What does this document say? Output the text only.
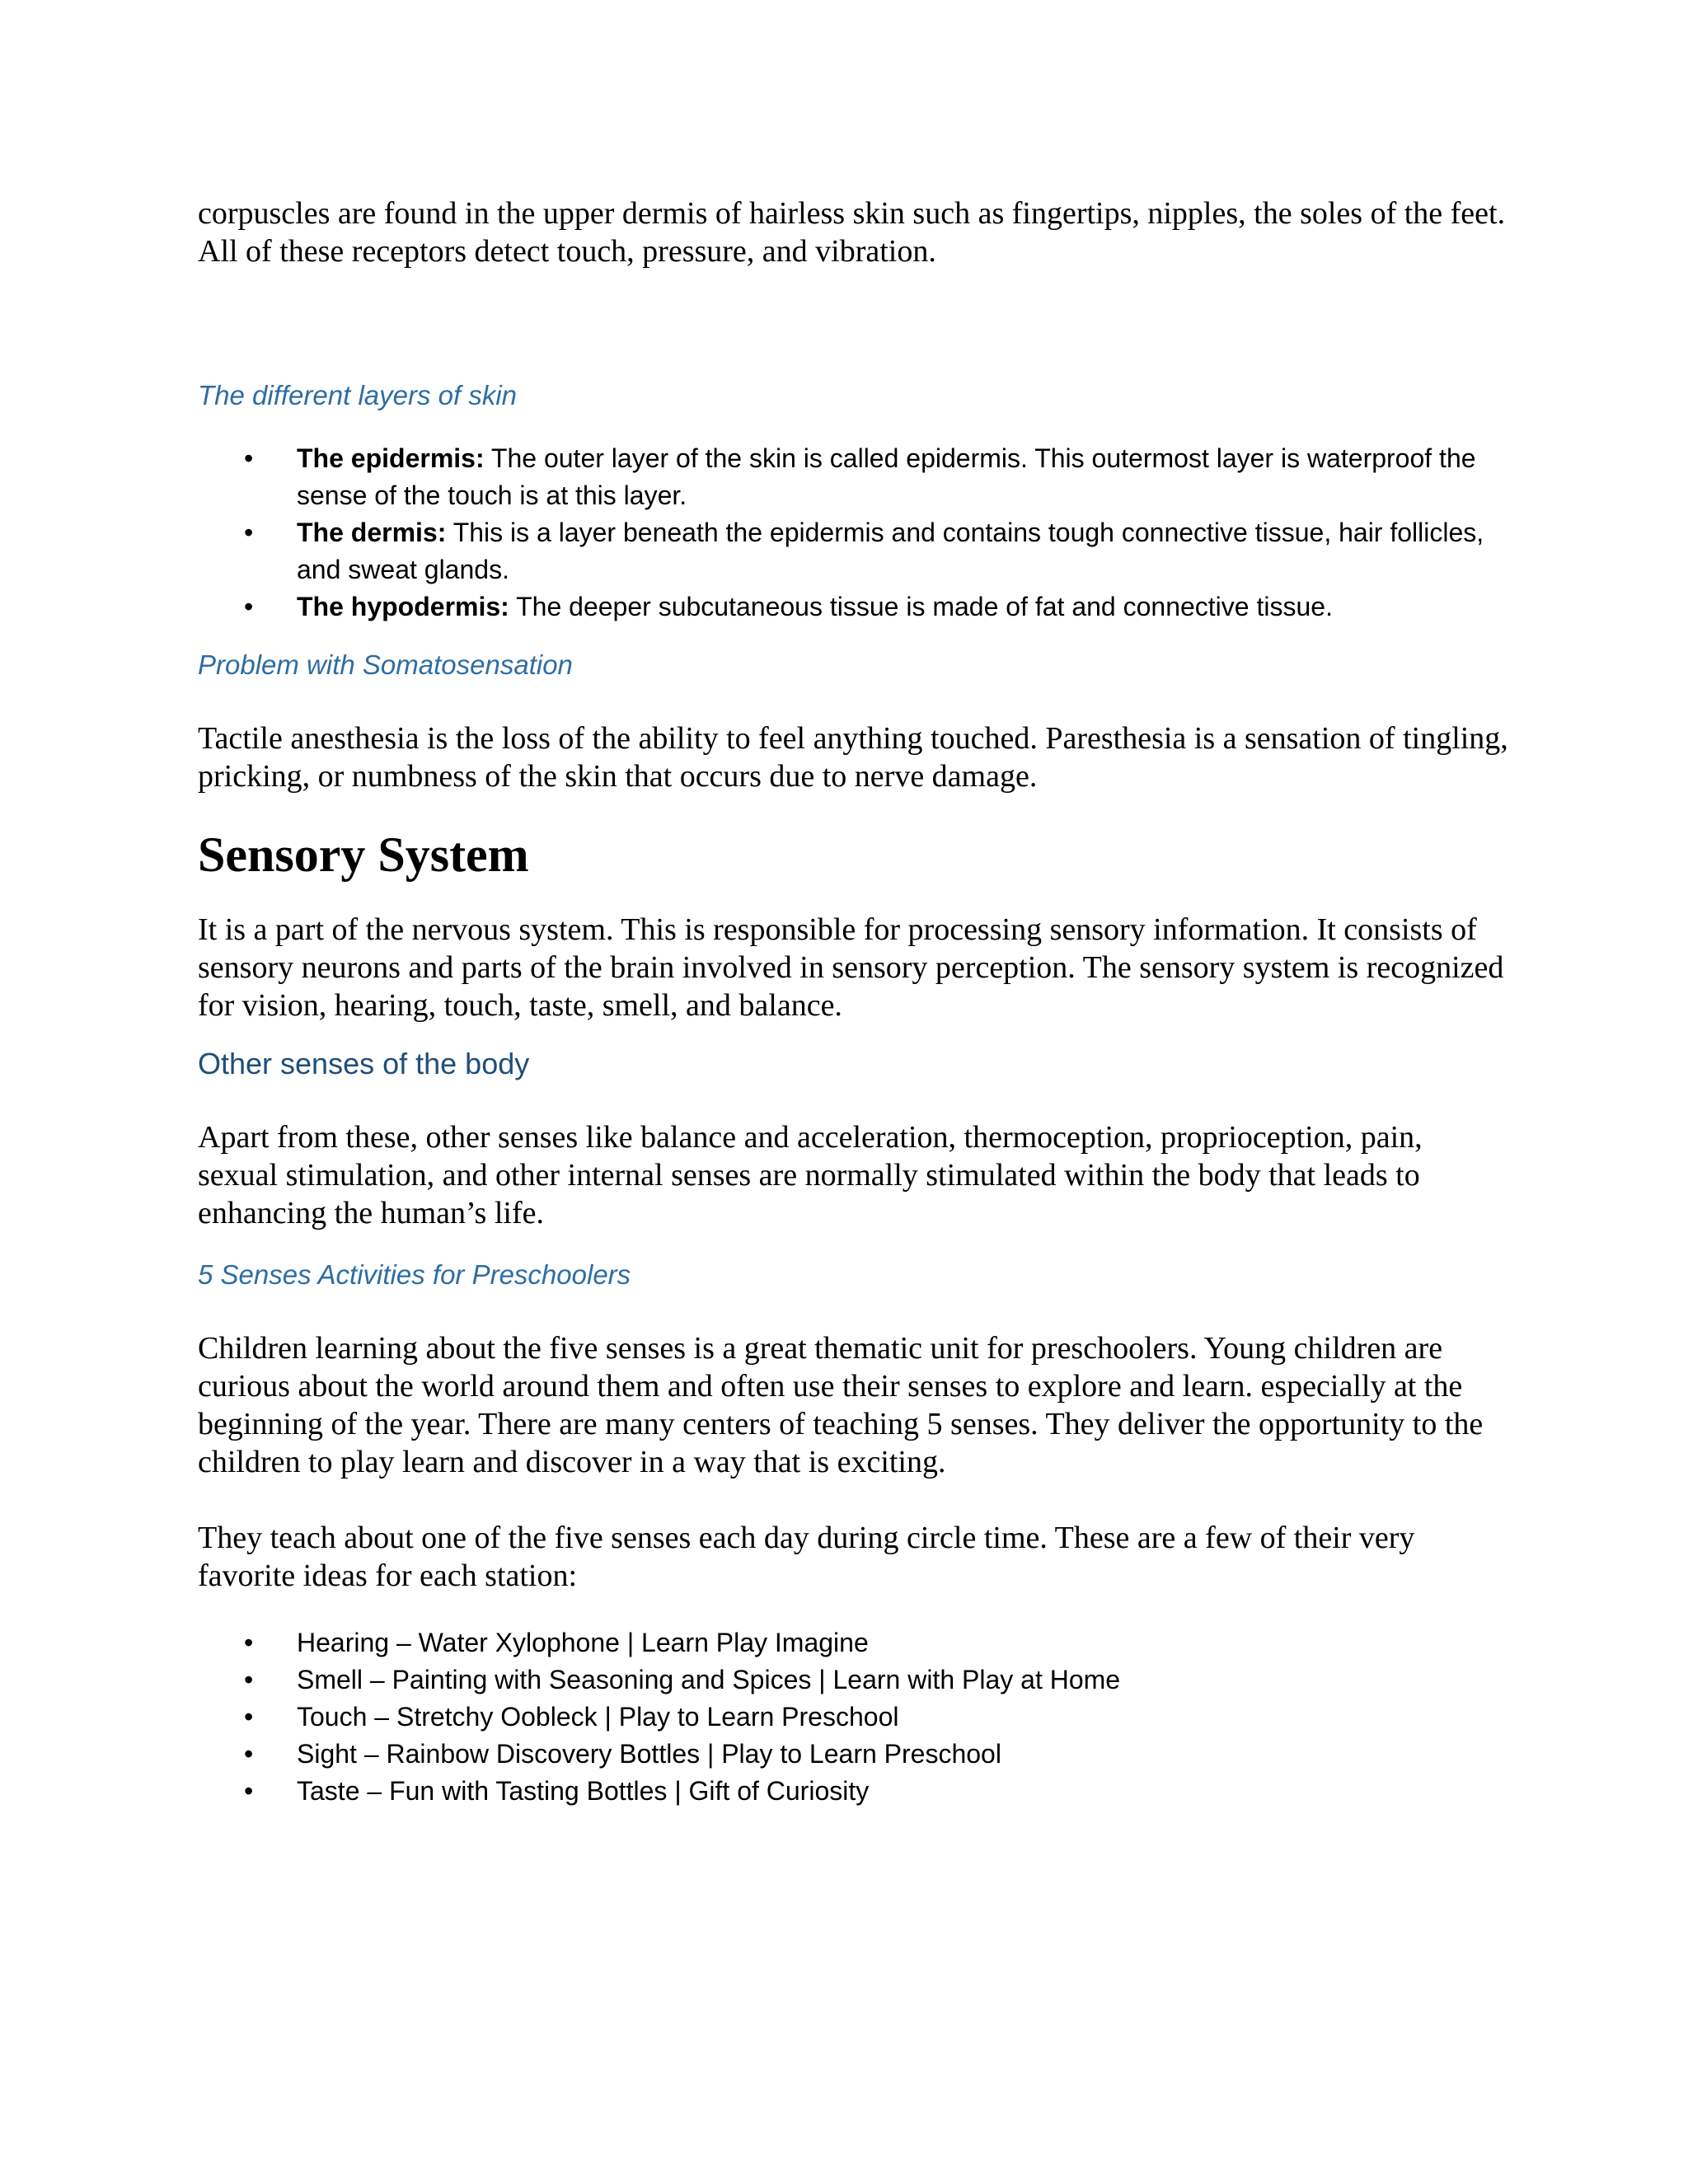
corpuscles are found in the upper dermis of hairless skin such as fingertips, nipples, the soles of the feet. All of these receptors detect touch, pressure, and vibration.

The different layers of skin

• The epidermis: The outer layer of the skin is called epidermis. This outermost layer is waterproof the sense of the touch is at this layer.
• The dermis: This is a layer beneath the epidermis and contains tough connective tissue, hair follicles, and sweat glands.
• The hypodermis: The deeper subcutaneous tissue is made of fat and connective tissue.

Problem with Somatosensation

Tactile anesthesia is the loss of the ability to feel anything touched. Paresthesia is a sensation of tingling, pricking, or numbness of the skin that occurs due to nerve damage.

Sensory System

It is a part of the nervous system. This is responsible for processing sensory information. It consists of sensory neurons and parts of the brain involved in sensory perception. The sensory system is recognized for vision, hearing, touch, taste, smell, and balance.

Other senses of the body

Apart from these, other senses like balance and acceleration, thermoception, proprioception, pain, sexual stimulation, and other internal senses are normally stimulated within the body that leads to enhancing the human’s life.

5 Senses Activities for Preschoolers

Children learning about the five senses is a great thematic unit for preschoolers. Young children are curious about the world around them and often use their senses to explore and learn. especially at the beginning of the year. There are many centers of teaching 5 senses. They deliver the opportunity to the children to play learn and discover in a way that is exciting.

They teach about one of the five senses each day during circle time. These are a few of their very favorite ideas for each station:

• Hearing – Water Xylophone | Learn Play Imagine
• Smell – Painting with Seasoning and Spices | Learn with Play at Home
• Touch – Stretchy Oobleck | Play to Learn Preschool
• Sight – Rainbow Discovery Bottles | Play to Learn Preschool
• Taste – Fun with Tasting Bottles | Gift of Curiosity
